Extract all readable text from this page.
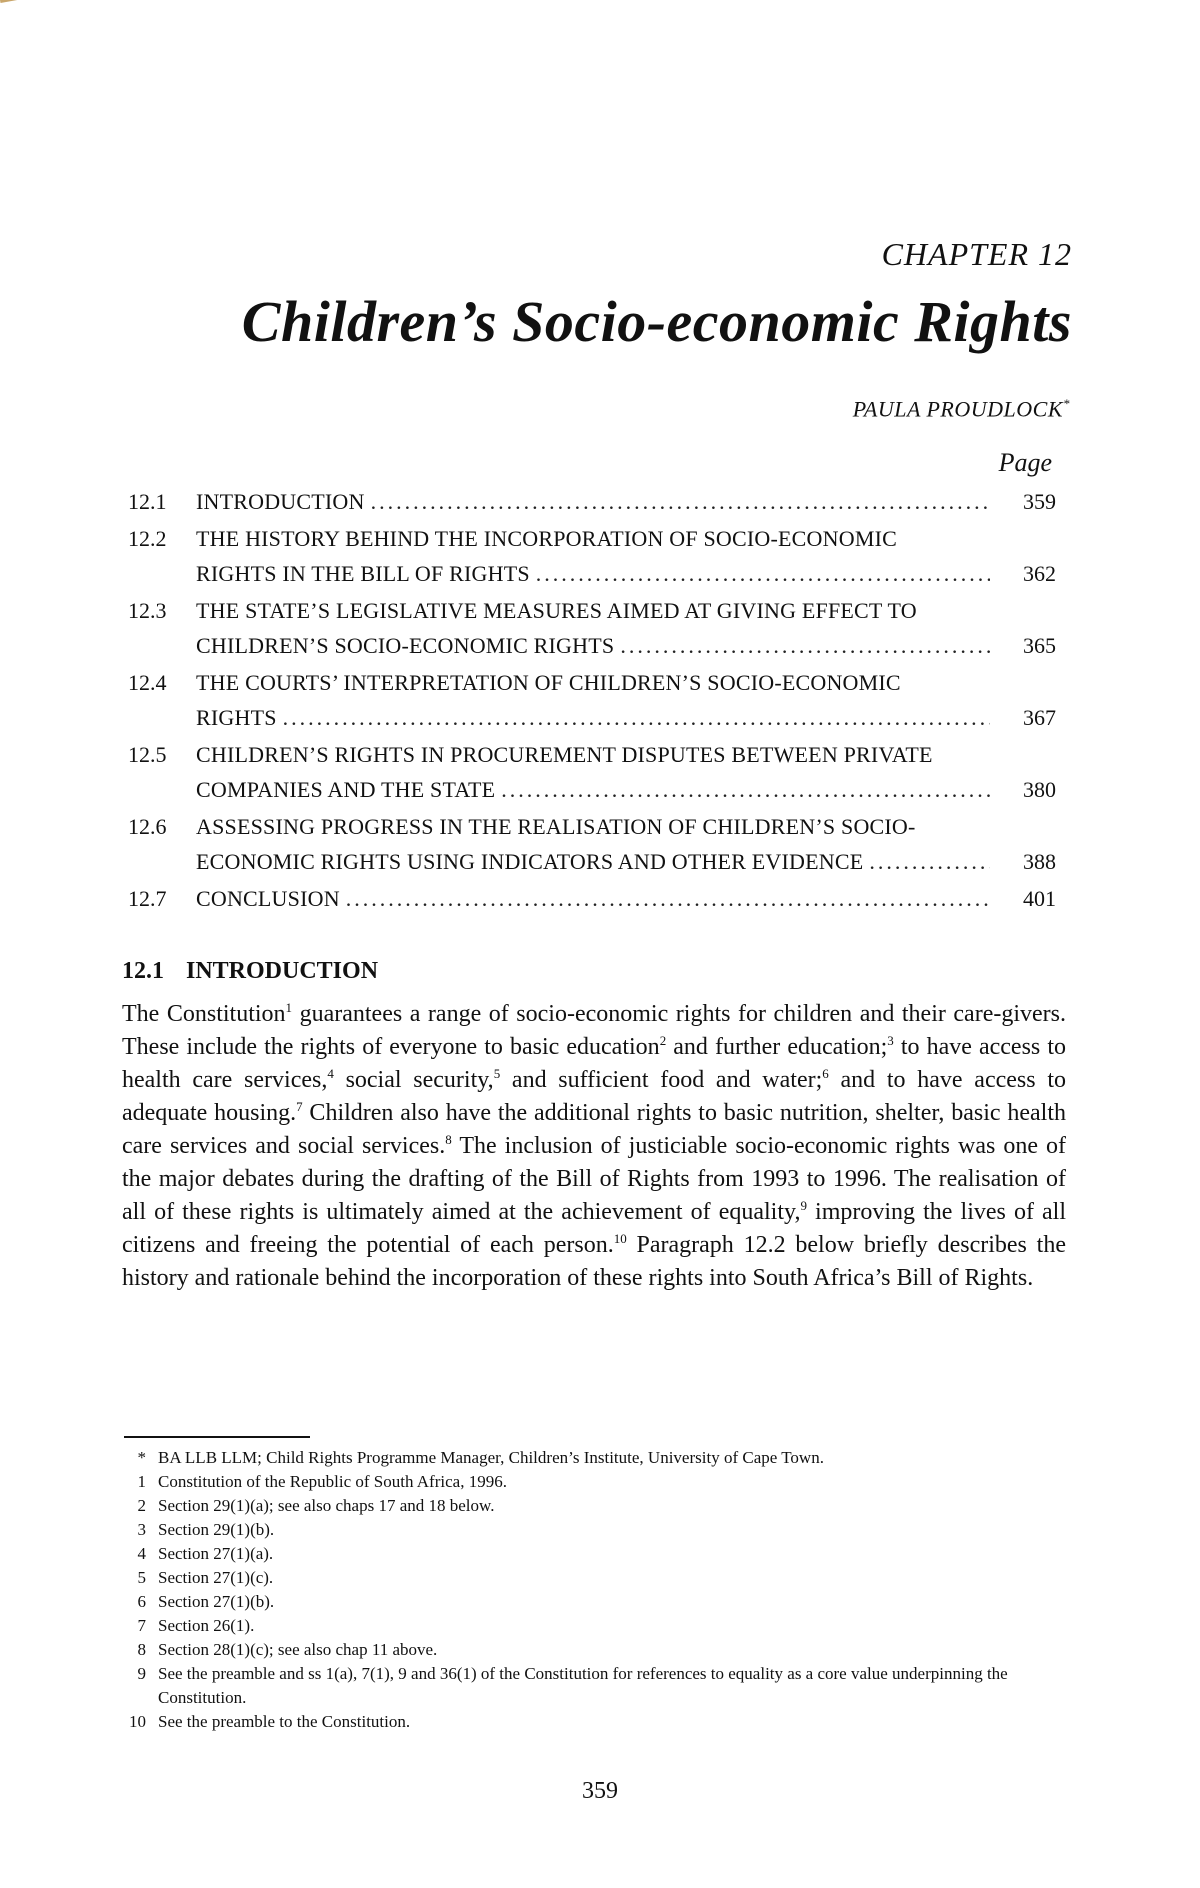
CHAPTER 12
Children’s Socio-economic Rights
PAULA PROUDLOCK*
Page
12.1	INTRODUCTION .....	359
12.2	THE HISTORY BEHIND THE INCORPORATION OF SOCIO-ECONOMIC
RIGHTS IN THE BILL OF RIGHTS .....	362
12.3	THE STATE’S LEGISLATIVE MEASURES AIMED AT GIVING EFFECT TO
CHILDREN’S SOCIO-ECONOMIC RIGHTS .....	365
12.4	THE COURTS’ INTERPRETATION OF CHILDREN’S SOCIO-ECONOMIC
RIGHTS .....	367
12.5	CHILDREN’S RIGHTS IN PROCUREMENT DISPUTES BETWEEN PRIVATE
COMPANIES AND THE STATE .....	380
12.6	ASSESSING PROGRESS IN THE REALISATION OF CHILDREN’S SOCIO-
ECONOMIC RIGHTS USING INDICATORS AND OTHER EVIDENCE .....	388
12.7	CONCLUSION .....	401
12.1 INTRODUCTION
The Constitution$^1$ guarantees a range of socio-economic rights for children and their care-givers. These include the rights of everyone to basic education$^2$ and further education;$^3$ to have access to health care services,$^4$ social security,$^5$ and sufficient food and water;$^6$ and to have access to adequate housing.$^7$ Children also have the additional rights to basic nutrition, shelter, basic health care services and social services.$^8$ The inclusion of justiciable socio-economic rights was one of the major debates during the drafting of the Bill of Rights from 1993 to 1996. The realisation of all of these rights is ultimately aimed at the achievement of equality,$^9$ improving the lives of all citizens and freeing the potential of each person.$^{10}$ Paragraph 12.2 below briefly describes the history and rationale behind the incorporation of these rights into South Africa’s Bill of Rights.
* BA LLB LLM; Child Rights Programme Manager, Children’s Institute, University of Cape Town.
1 Constitution of the Republic of South Africa, 1996.
2 Section 29(1)(a); see also chaps 17 and 18 below.
3 Section 29(1)(b).
4 Section 27(1)(a).
5 Section 27(1)(c).
6 Section 27(1)(b).
7 Section 26(1).
8 Section 28(1)(c); see also chap 11 above.
9 See the preamble and ss 1(a), 7(1), 9 and 36(1) of the Constitution for references to equality as a core value underpinning the Constitution.
10 See the preamble to the Constitution.
359
